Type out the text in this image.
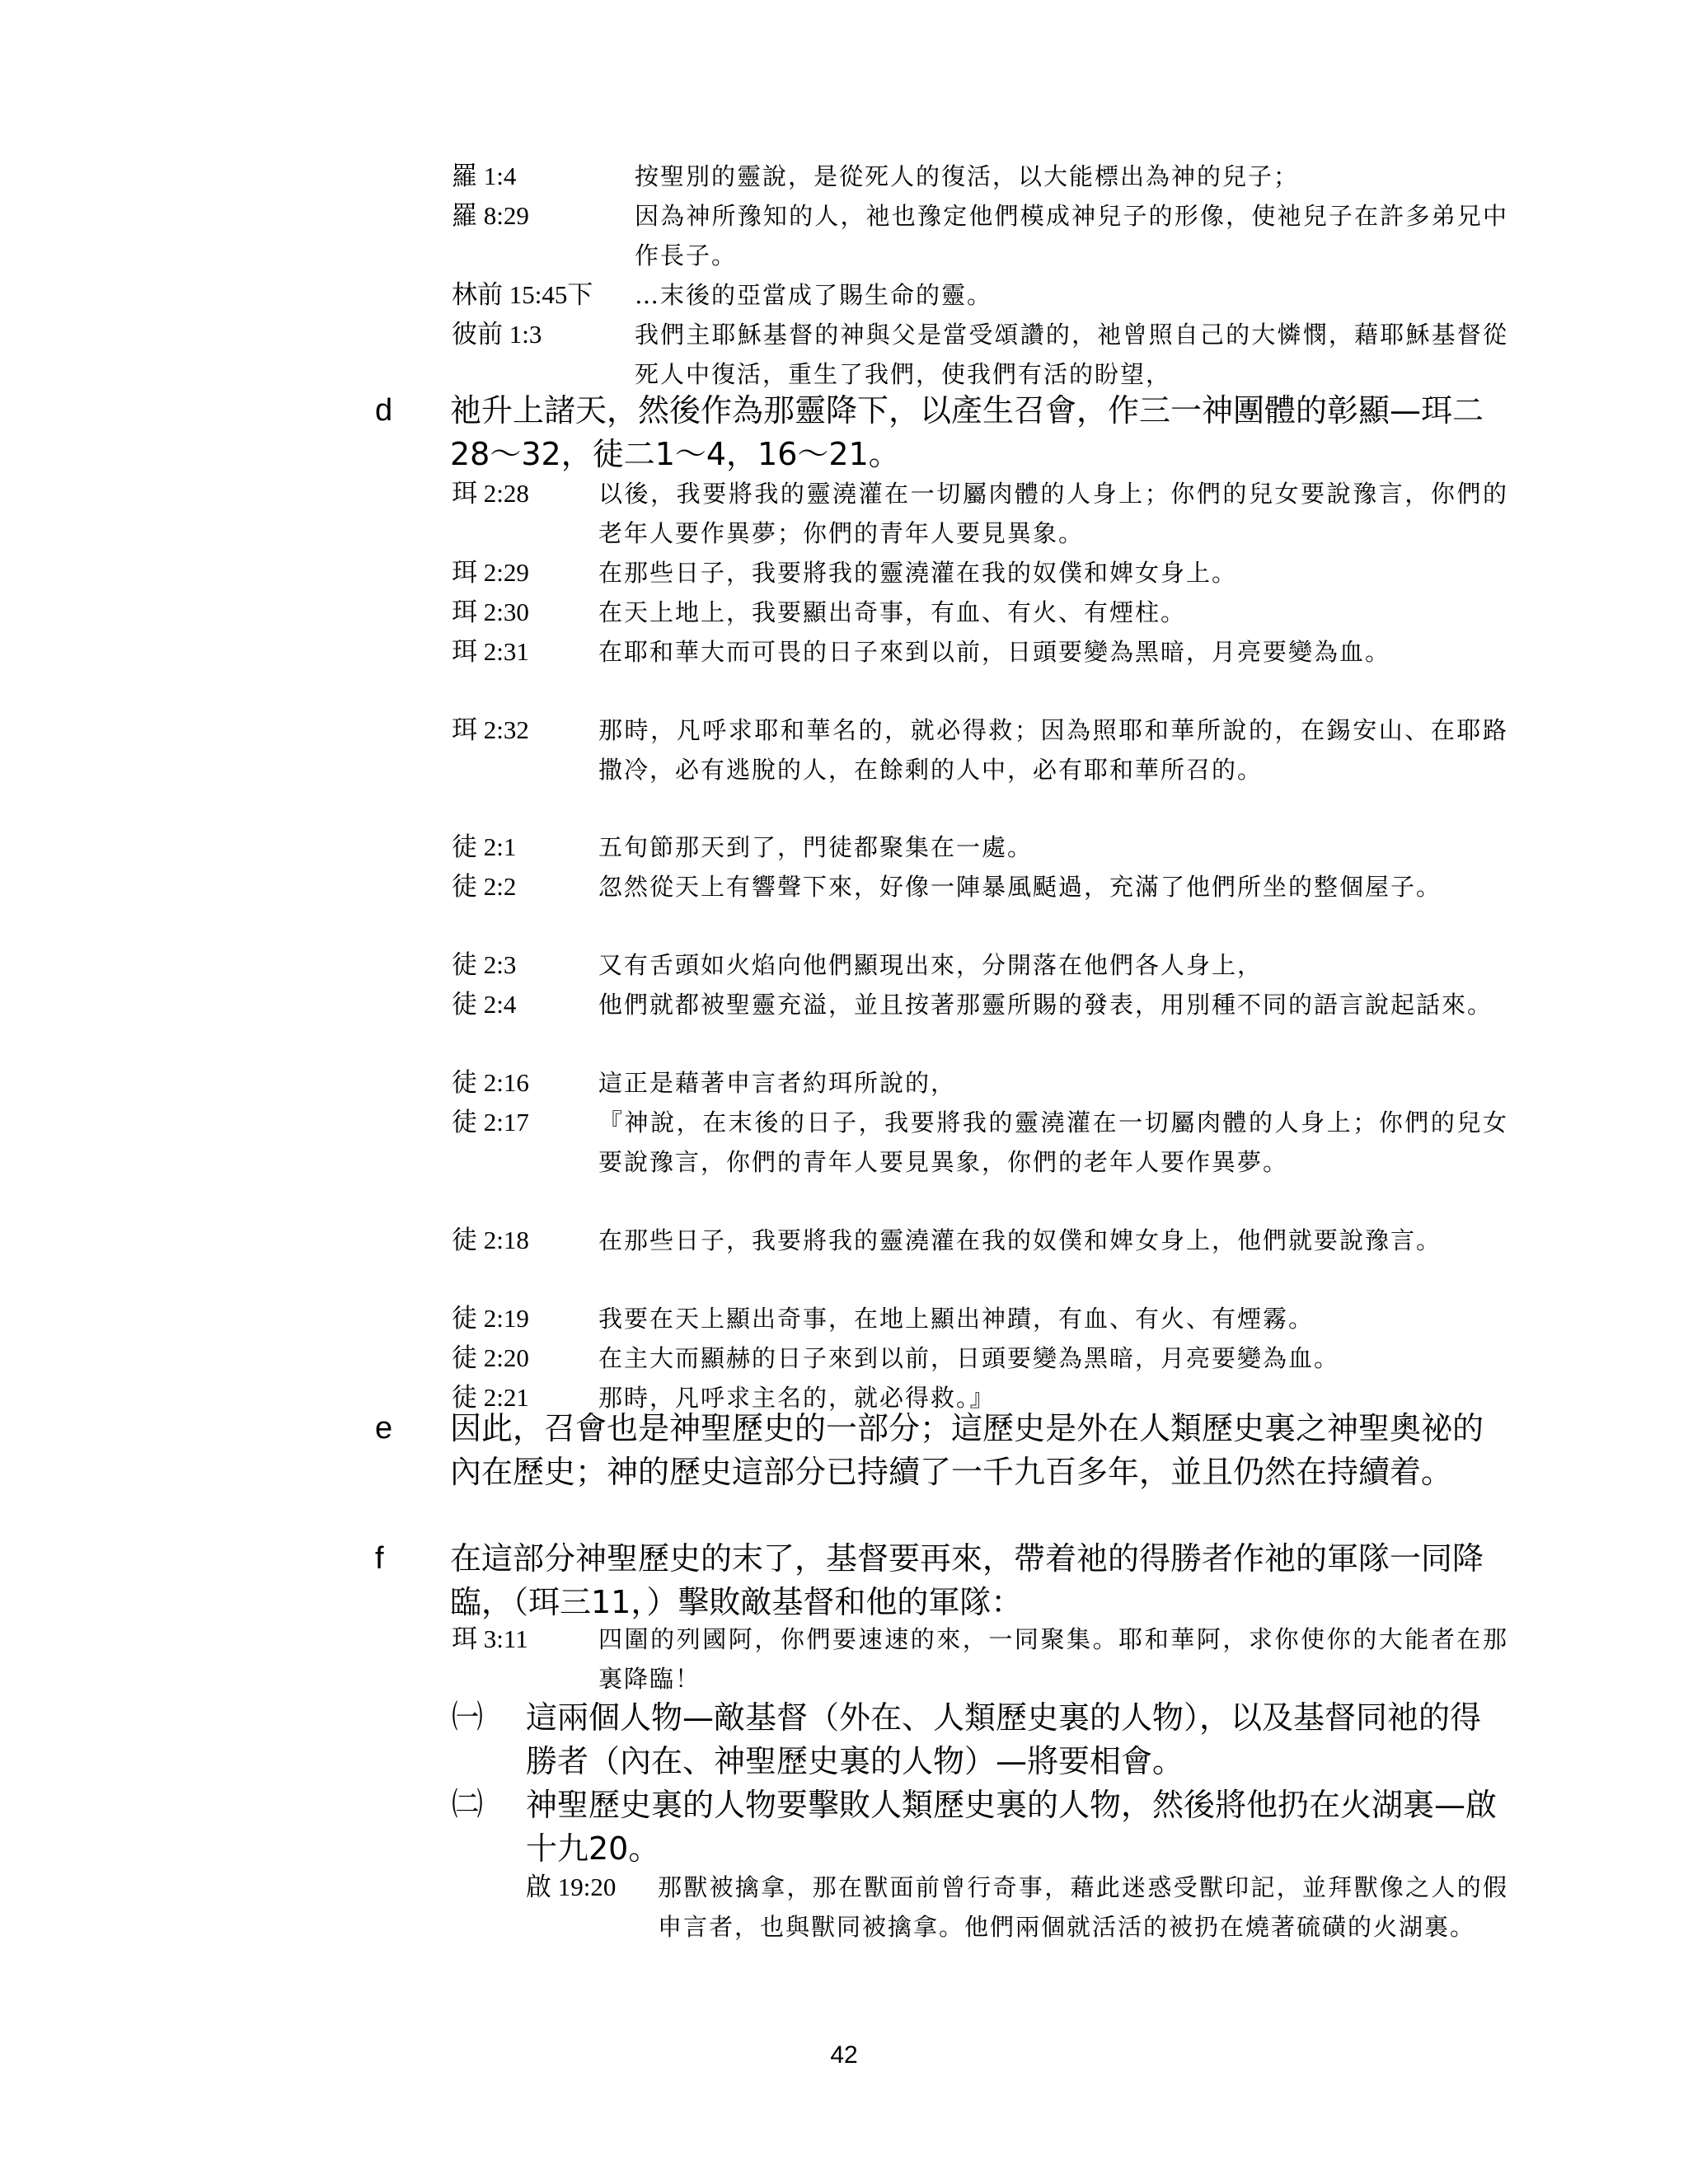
羅 1:4	按聖別的靈說，是從死人的復活，以大能標出為神的兒子；
羅 8:29	因為神所豫知的人，祂也豫定他們模成神兒子的形像，使祂兒子在許多弟兄中作長子。
林前 15:45下	…末後的亞當成了賜生命的靈。
彼前 1:3	我們主耶穌基督的神與父是當受頌讚的，祂曾照自己的大憐憫，藉耶穌基督從死人中復活，重生了我們，使我們有活的盼望，
d	祂升上諸天，然後作為那靈降下，以產生召會，作三一神團體的彰顯—珥二28～32，徒二1～4，16～21。
珥 2:28	以後，我要將我的靈澆灌在一切屬肉體的人身上；你們的兒女要說豫言，你們的老年人要作異夢；你們的青年人要見異象。
珥 2:29	在那些日子，我要將我的靈澆灌在我的奴僕和婢女身上。
珥 2:30	在天上地上，我要顯出奇事，有血、有火、有煙柱。
珥 2:31	在耶和華大而可畏的日子來到以前，日頭要變為黑暗，月亮要變為血。
珥 2:32	那時，凡呼求耶和華名的，就必得救；因為照耶和華所說的，在錫安山、在耶路撒冷，必有逃脫的人，在餘剩的人中，必有耶和華所召的。
徒 2:1	五旬節那天到了，門徒都聚集在一處。
徒 2:2	忽然從天上有響聲下來，好像一陣暴風颳過，充滿了他們所坐的整個屋子。
徒 2:3	又有舌頭如火焰向他們顯現出來，分開落在他們各人身上，
徒 2:4	他們就都被聖靈充溢，並且按著那靈所賜的發表，用別種不同的語言說起話來。
徒 2:16	這正是藉著申言者約珥所說的，
徒 2:17	『神說，在末後的日子，我要將我的靈澆灌在一切屬肉體的人身上；你們的兒女要說豫言，你們的青年人要見異象，你們的老年人要作異夢。
徒 2:18	在那些日子，我要將我的靈澆灌在我的奴僕和婢女身上，他們就要說豫言。
徒 2:19	我要在天上顯出奇事，在地上顯出神蹟，有血、有火、有煙霧。
徒 2:20	在主大而顯赫的日子來到以前，日頭要變為黑暗，月亮要變為血。
徒 2:21	那時，凡呼求主名的，就必得救。』
e	因此，召會也是神聖歷史的一部分；這歷史是外在人類歷史裏之神聖奧祕的內在歷史；神的歷史這部分已持續了一千九百多年，並且仍然在持續着。
f	在這部分神聖歷史的末了，基督要再來，帶着祂的得勝者作祂的軍隊一同降臨，（珥三11，）擊敗敵基督和他的軍隊：
珥 3:11	四圍的列國阿，你們要速速的來，一同聚集。耶和華阿，求你使你的大能者在那裏降臨！
㈠	這兩個人物—敵基督（外在、人類歷史裏的人物），以及基督同祂的得勝者（內在、神聖歷史裏的人物）—將要相會。
㈡	神聖歷史裏的人物要擊敗人類歷史裏的人物，然後將他扔在火湖裏—啟十九20。
啟 19:20	那獸被擒拿，那在獸面前曾行奇事，藉此迷惑受獸印記，並拜獸像之人的假申言者，也與獸同被擒拿。他們兩個就活活的被扔在燒著硫磺的火湖裏。
42
